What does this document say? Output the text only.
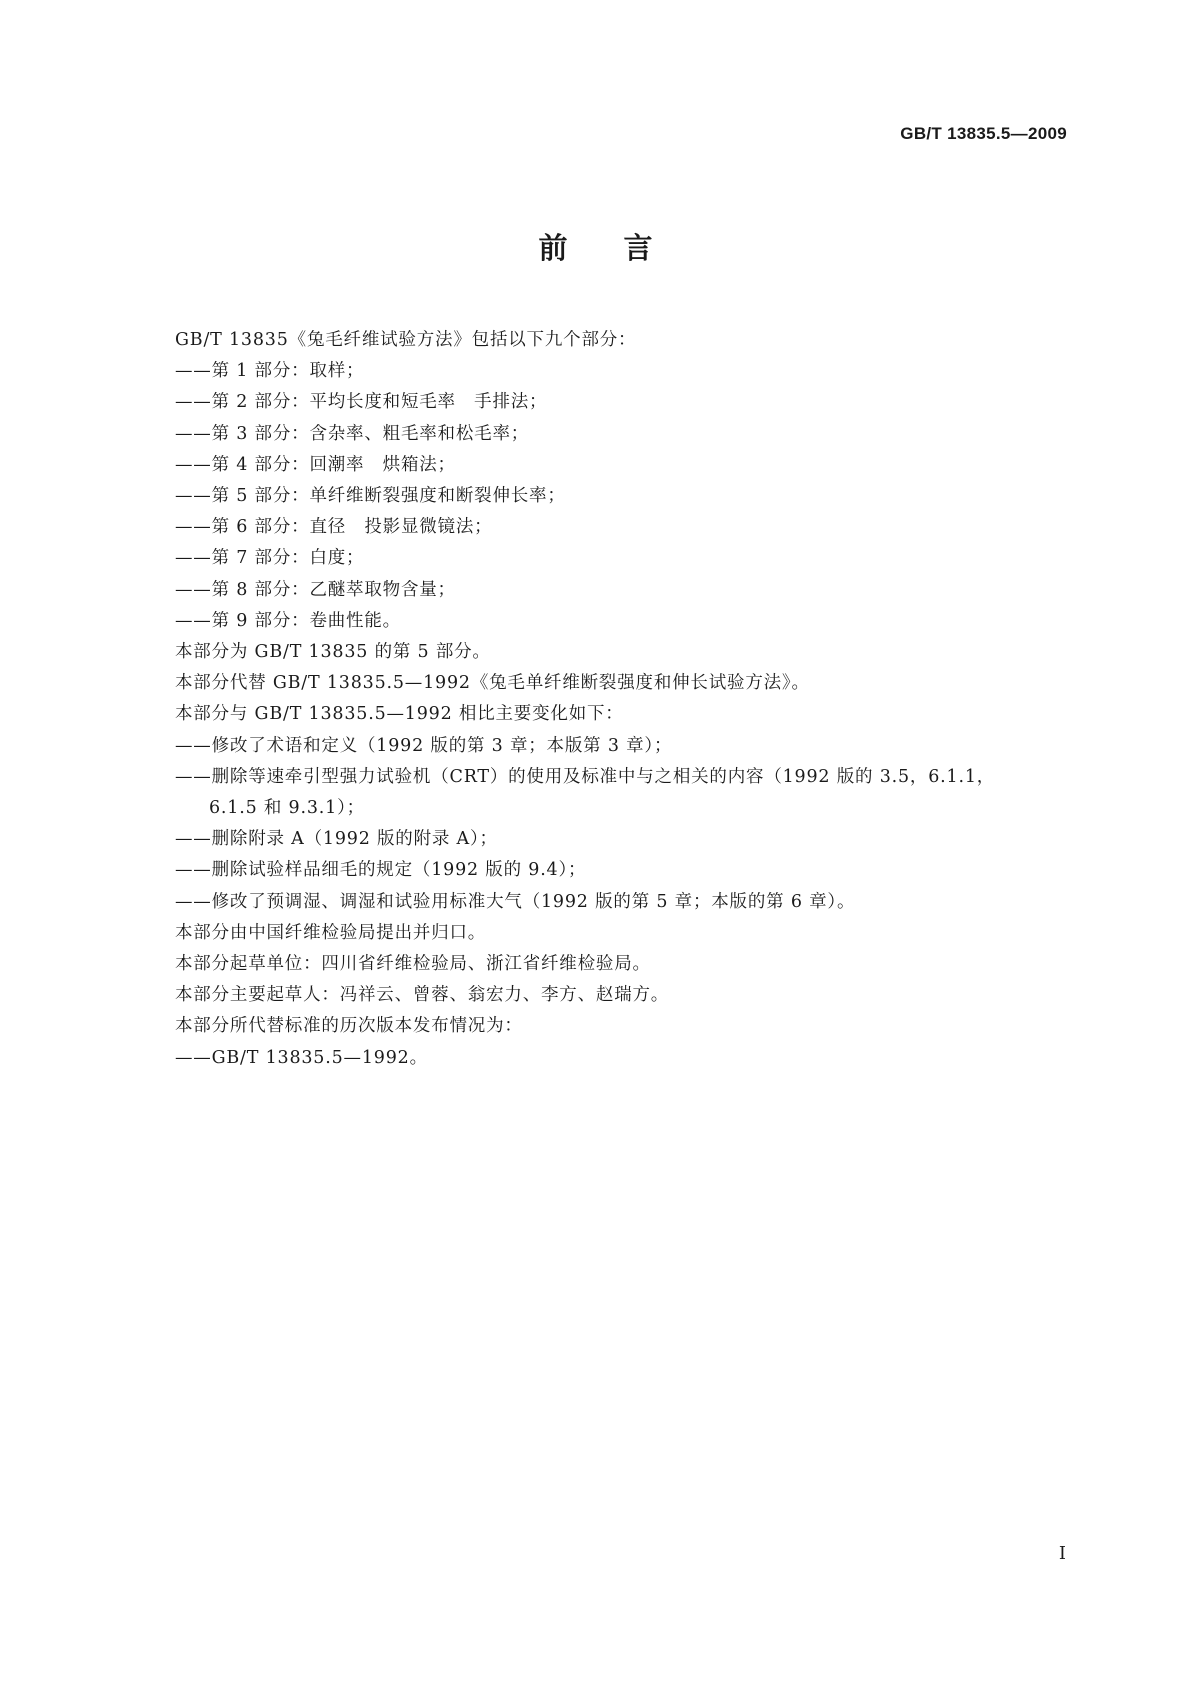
GB/T 13835.5—2009
前言
GB/T 13835《兔毛纤维试验方法》包括以下九个部分：
——第 1 部分：取样；
——第 2 部分：平均长度和短毛率　手排法；
——第 3 部分：含杂率、粗毛率和松毛率；
——第 4 部分：回潮率　烘箱法；
——第 5 部分：单纤维断裂强度和断裂伸长率；
——第 6 部分：直径　投影显微镜法；
——第 7 部分：白度；
——第 8 部分：乙醚萃取物含量；
——第 9 部分：卷曲性能。
本部分为 GB/T 13835 的第 5 部分。
本部分代替 GB/T 13835.5—1992《兔毛单纤维断裂强度和伸长试验方法》。
本部分与 GB/T 13835.5—1992 相比主要变化如下：
——修改了术语和定义（1992 版的第 3 章；本版第 3 章）；
——删除等速牵引型强力试验机（CRT）的使用及标准中与之相关的内容（1992 版的 3.5，6.1.1，
6.1.5 和 9.3.1）；
——删除附录 A（1992 版的附录 A）；
——删除试验样品细毛的规定（1992 版的 9.4）；
——修改了预调湿、调湿和试验用标准大气（1992 版的第 5 章；本版的第 6 章）。
本部分由中国纤维检验局提出并归口。
本部分起草单位：四川省纤维检验局、浙江省纤维检验局。
本部分主要起草人：冯祥云、曾蓉、翁宏力、李方、赵瑞方。
本部分所代替标准的历次版本发布情况为：
——GB/T 13835.5—1992。
I
